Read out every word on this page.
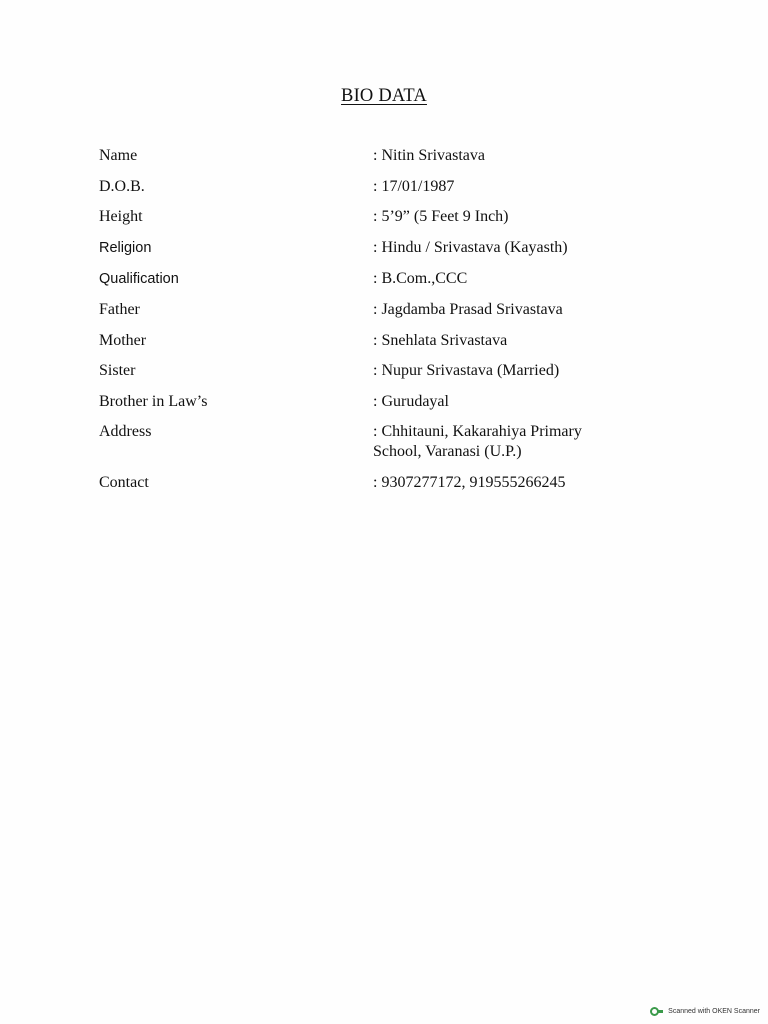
BIO DATA
Name	: Nitin Srivastava
D.O.B.	: 17/01/1987
Height	: 5’9” (5 Feet 9 Inch)
Religion	: Hindu / Srivastava (Kayasth)
Qualification	: B.Com.,CCC
Father	: Jagdamba Prasad Srivastava
Mother	: Snehlata Srivastava
Sister	: Nupur Srivastava (Married)
Brother in Law’s	: Gurudayal
Address	: Chhitauni, Kakarahiya Primary School, Varanasi (U.P.)
Contact	: 9307277172, 919555266245
Scanned with OKEN Scanner
